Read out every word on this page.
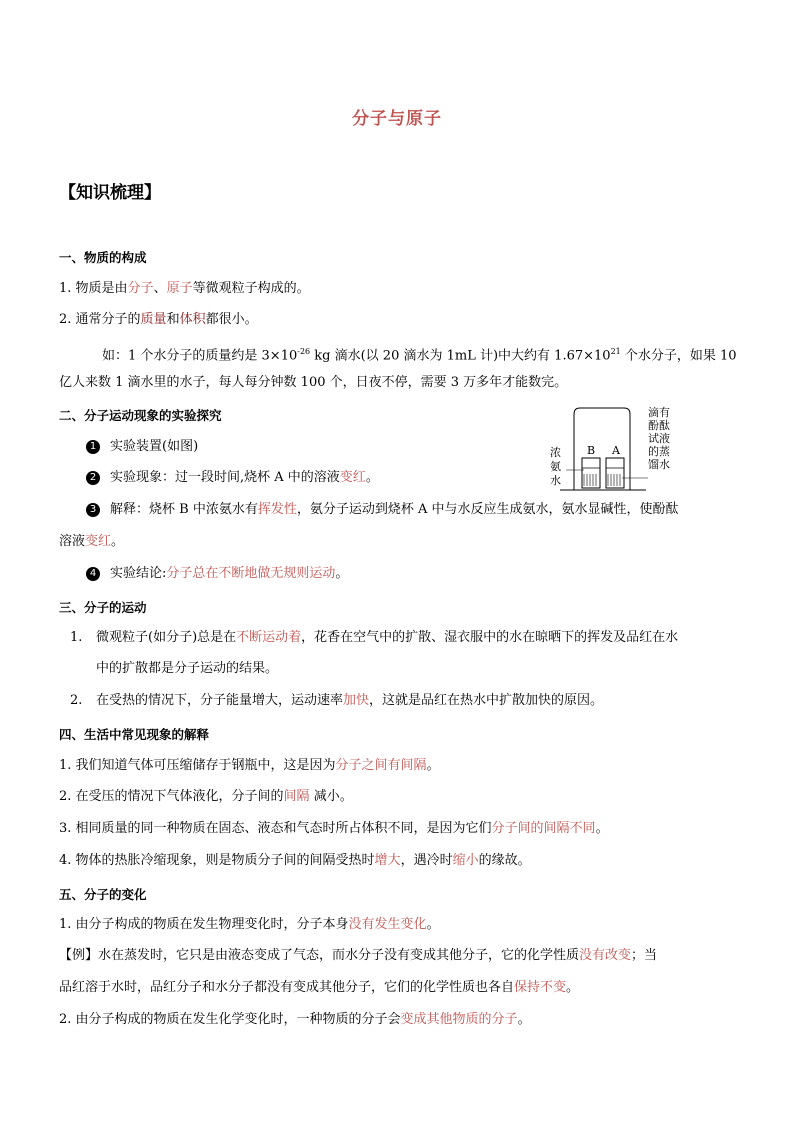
分子与原子
【知识梳理】
一、物质的构成
1. 物质是由分子、原子等微观粒子构成的。
2. 通常分子的质量和体积都很小。
如：1 个水分子的质量约是 $3\times 10^{-26}$ kg 滴水(以 20 滴水为 1mL 计)中大约有 $1.67\times 10^{21}$ 个水分子，如果 10
亿人来数 1 滴水里的水子，每人每分钟数 100 个，日夜不停，需要 3 万多年才能数完。
二、分子运动现象的实验探究
1 实验装置(如图)
2 实验现象：过一段时间,烧杯 A 中的溶液变红。
3 解释：烧杯 B 中浓氨水有挥发性，氨分子运动到烧杯 A 中与水反应生成氨水，氨水显碱性，使酚酞
溶液变红。
4 实验结论:分子总在不断地做无规则运动。
B A
浓
氨
水
滴有
酚酞
试液
的蒸
馏水
三、分子的运动
1. 微观粒子(如分子)总是在不断运动着，花香在空气中的扩散、湿衣服中的水在晾晒下的挥发及品红在水
中的扩散都是分子运动的结果。
2. 在受热的情况下，分子能量增大，运动速率加快，这就是品红在热水中扩散加快的原因。
四、生活中常见现象的解释
1. 我们知道气体可压缩储存于钢瓶中，这是因为分子之间有间隔。
2. 在受压的情况下气体液化，分子间的间隔 减小。
3. 相同质量的同一种物质在固态、液态和气态时所占体积不同，是因为它们分子间的间隔不同。
4. 物体的热胀冷缩现象，则是物质分子间的间隔受热时增大，遇冷时缩小的缘故。
五、分子的变化
1. 由分子构成的物质在发生物理变化时，分子本身没有发生变化。
【例】水在蒸发时，它只是由液态变成了气态，而水分子没有变成其他分子，它的化学性质没有改变；当
品红溶于水时，品红分子和水分子都没有变成其他分子，它们的化学性质也各自保持不变。
2. 由分子构成的物质在发生化学变化时，一种物质的分子会变成其他物质的分子。
